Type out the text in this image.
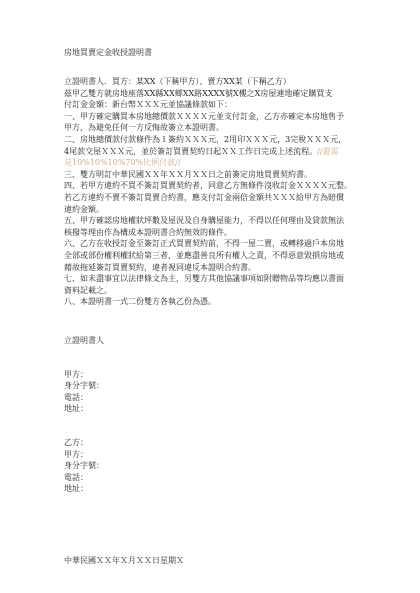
房地買賣定金收授證明書

立證明書人．買方：某XX（下稱甲方）、賣方XX某（下稱乙方）

茲甲乙雙方就房地座落XX縣XX鄉XX路XXXX號X樓之X房屋連地確定購買支

付訂金金額：新台幣ＸＸＸ元並協議條款如下：

一、甲方確定購買本房地總價款ＸＸＸＸ元並支付訂金，乙方亦確定本房地售予

甲方，為避免任何一方反悔故簽立本證明書。

二、房地總價款付款條件為１簽約ＸＸＸ元，2用印ＸＸＸ元，3完稅ＸＸＸ元，

4尾款交屋ＸＸＸ元，並於簽訂買賣契約日起ＸＸ工作日完成上述流程。//還需

是10%10%10%70%比例付款//

三、雙方明訂中華民國ＸＸ年ＸＸ月ＸＸ日之前簽定房地買賣契約書。

四、若甲方違約不買不簽訂買賣契約者，同意乙方無條件沒收訂金ＸＸＸＸ元整。

若乙方違約不賣不簽訂買賣合約書，應支付訂金兩倍金額共ＸＸＸ給甲方為賠償

違約金額。

五、甲方確認房地權狀坪數及屋況及自身購屋能力，不得以任何理由及貸款無法

核撥等理由作為構成本證明書合約無效的條件。

六、乙方在收授訂金至簽訂正式買賣契約前，不得一屋二賣，或轉移過戶本房地

全部或部份權利權狀給第三者，並應盡善良所有權人之責，不得惡意毀損房地或

藉故拖延簽訂買賣契約，違者視同違反本證明合約書。

七、如未盡事宜以法律條文為主，另雙方其他協議事項如附贈物品等均應以書面

資料記載之。

八、本證明書一式二份雙方各執乙份為憑。

立證明書人

甲方：

身分字號：

電話：

地址：

乙方：

甲方：

身分字號：

電話：

地址：

中華民國ＸＸ年Ｘ月ＸＸ日星期Ｘ
